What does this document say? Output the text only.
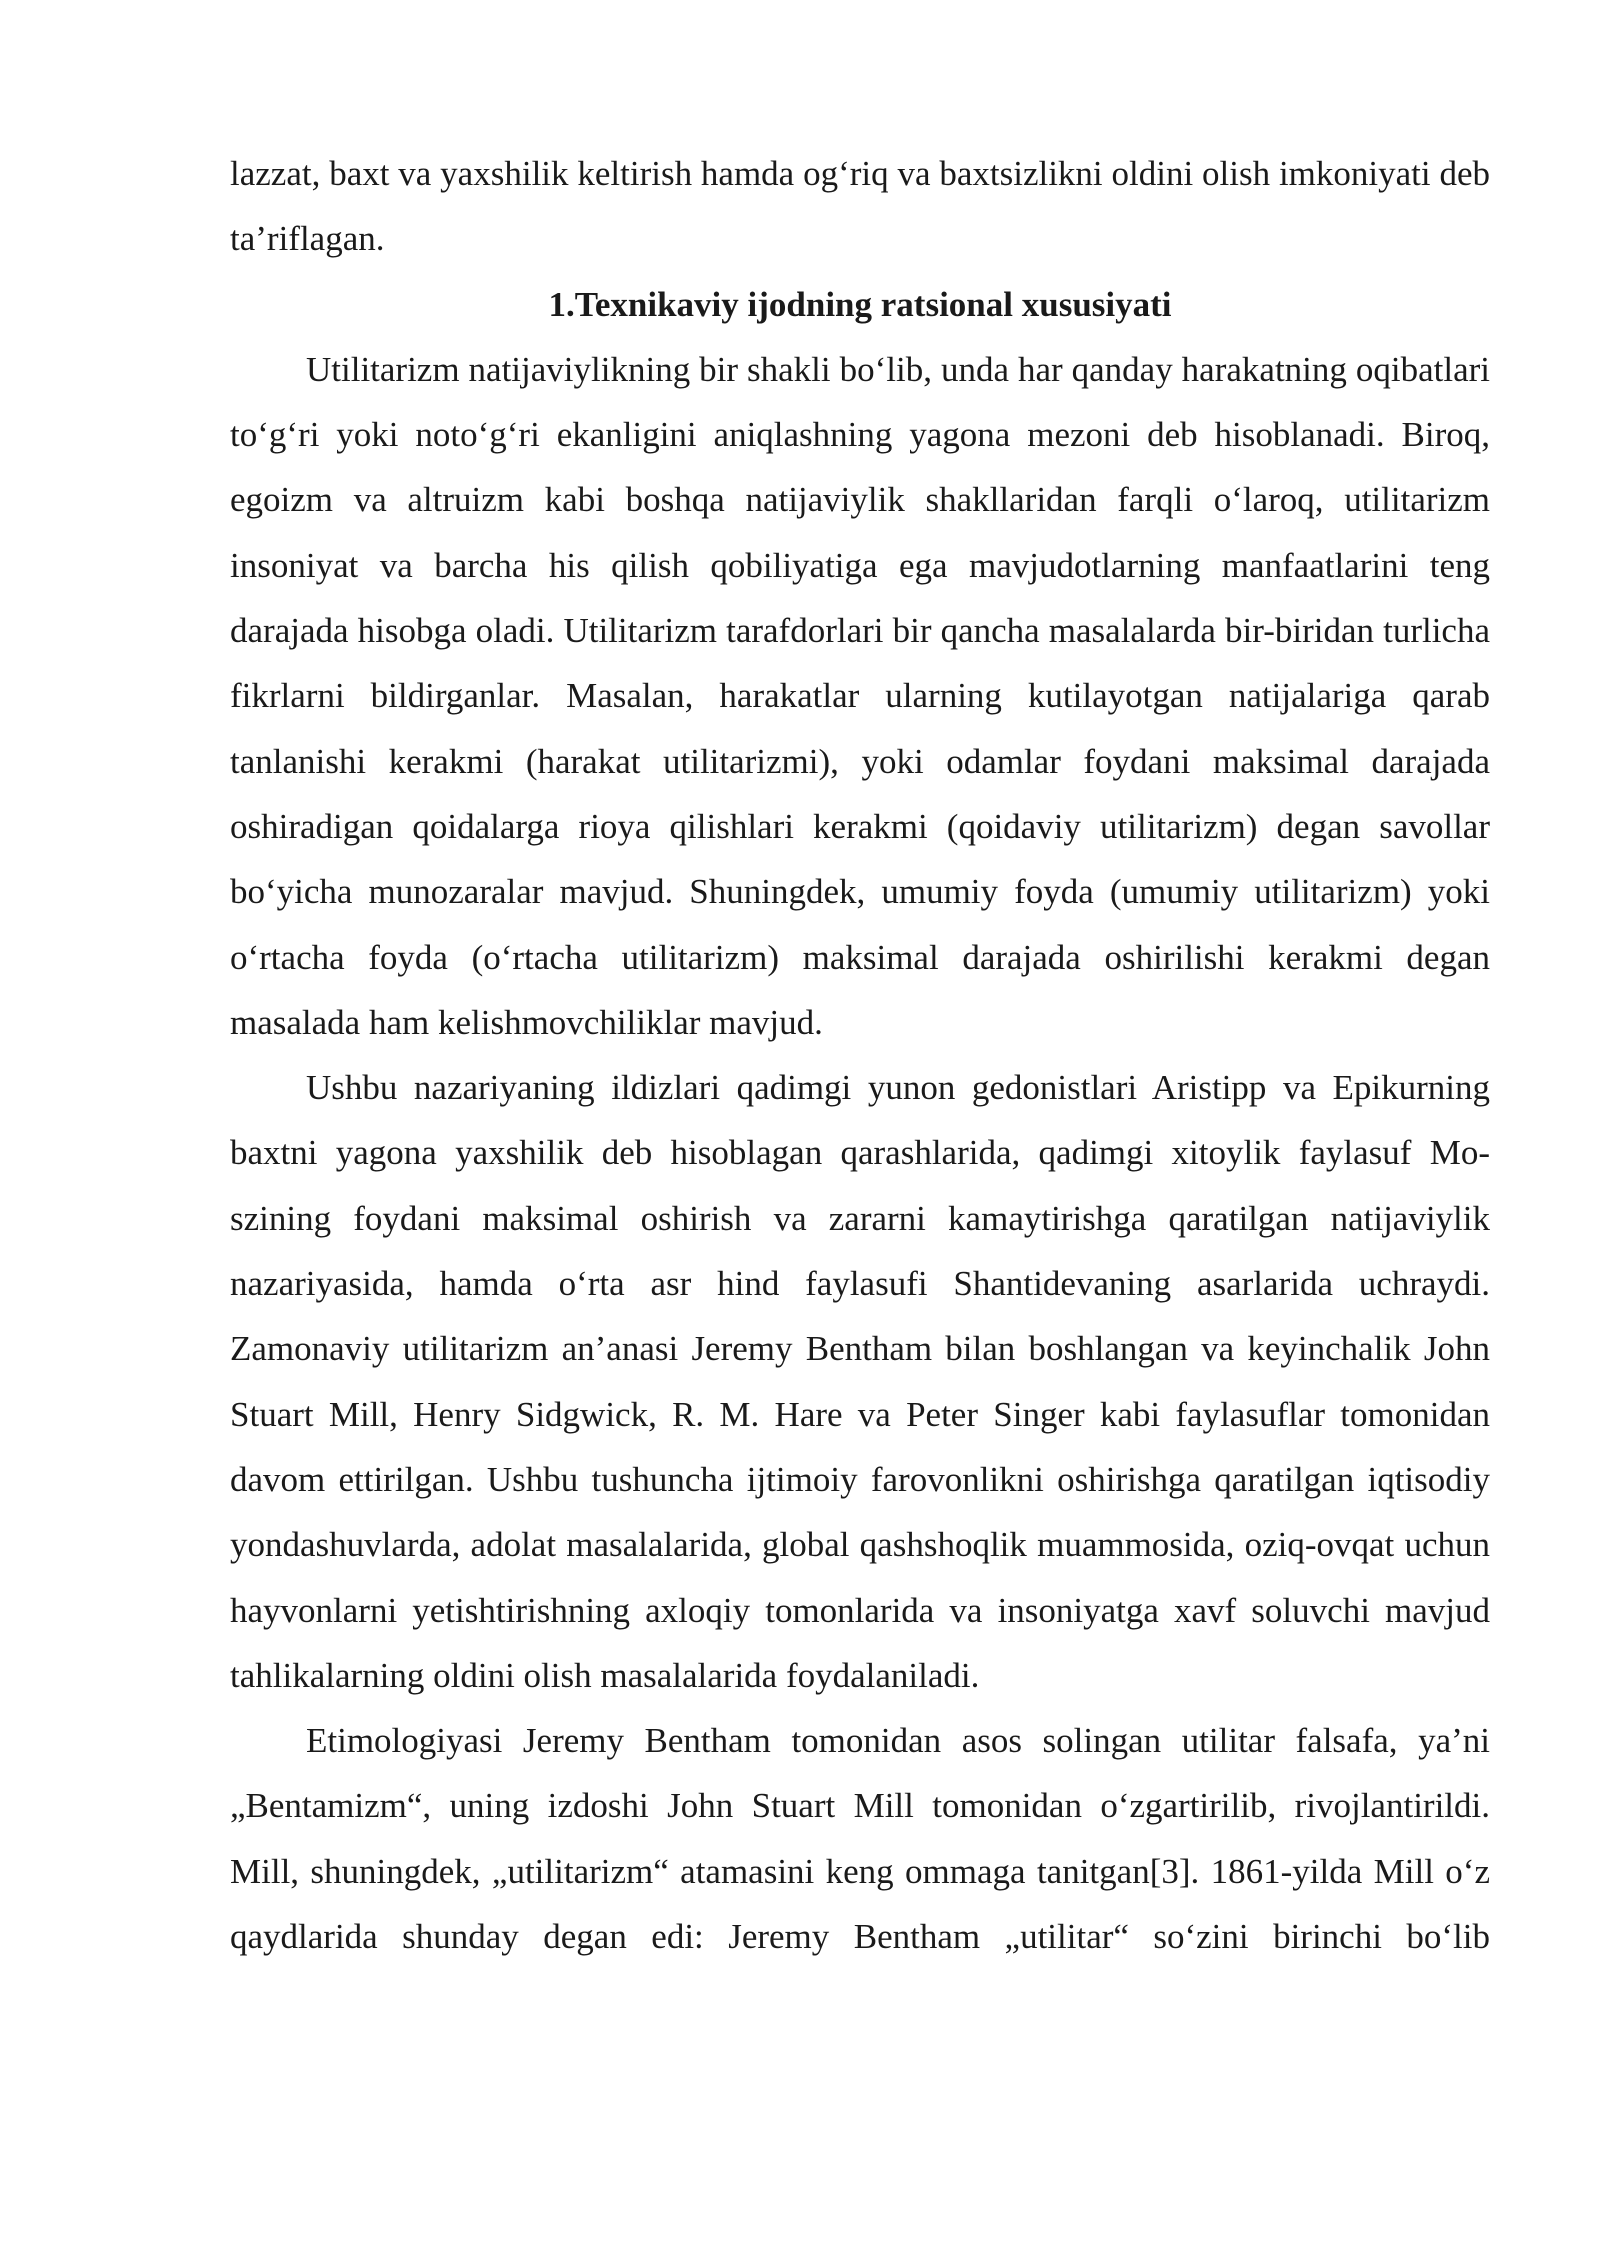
lazzat, baxt va yaxshilik keltirish hamda og‘riq va baxtsizlikni oldini olish imkoniyati deb ta’riflagan.

1.Texnikaviy ijodning ratsional xususiyati

Utilitarizm natijaviylikning bir shakli bo‘lib, unda har qanday harakatning oqibatlari to‘g‘ri yoki noto‘g‘ri ekanligini aniqlashning yagona mezoni deb hisoblanadi. Biroq, egoizm va altruizm kabi boshqa natijaviylik shakllaridan farqli o‘laroq, utilitarizm insoniyat va barcha his qilish qobiliyatiga ega mavjudotlarning manfaatlarini teng darajada hisobga oladi. Utilitarizm tarafdorlari bir qancha masalalarda bir-biridan turlicha fikrlarni bildirganlar. Masalan, harakatlar ularning kutilayotgan natijalariga qarab tanlanishi kerakmi (harakat utilitarizmi), yoki odamlar foydani maksimal darajada oshiradigan qoidalarga rioya qilishlari kerakmi (qoidaviy utilitarizm) degan savollar bo‘yicha munozaralar mavjud. Shuningdek, umumiy foyda (umumiy utilitarizm) yoki o‘rtacha foyda (o‘rtacha utilitarizm) maksimal darajada oshirilishi kerakmi degan masalada ham kelishmovchiliklar mavjud.

Ushbu nazariyaning ildizlari qadimgi yunon gedonistlari Aristipp va Epikurning baxtni yagona yaxshilik deb hisoblagan qarashlarida, qadimgi xitoylik faylasuf Mo-szining foydani maksimal oshirish va zararni kamaytirishga qaratilgan natijaviylik nazariyasida, hamda o‘rta asr hind faylasufi Shantidevaning asarlarida uchraydi. Zamonaviy utilitarizm an’anasi Jeremy Bentham bilan boshlangan va keyinchalik John Stuart Mill, Henry Sidgwick, R. M. Hare va Peter Singer kabi faylasuflar tomonidan davom ettirilgan. Ushbu tushuncha ijtimoiy farovonlikni oshirishga qaratilgan iqtisodiy yondashuvlarda, adolat masalalarida, global qashshoqlik muammosida, oziq-ovqat uchun hayvonlarni yetishtirishning axloqiy tomonlarida va insoniyatga xavf soluvchi mavjud tahlikalarning oldini olish masalalarida foydalaniladi.

Etimologiyasi Jeremy Bentham tomonidan asos solingan utilitar falsafa, ya’ni „Bentamizm“, uning izdoshi John Stuart Mill tomonidan o‘zgartirilib, rivojlantirildi. Mill, shuningdek, „utilitarizm“ atamasini keng ommaga tanitgan[3]. 1861-yilda Mill o‘z qaydlarida shunday degan edi: Jeremy Bentham „utilitar“ so‘zini birinchi bo‘lib
